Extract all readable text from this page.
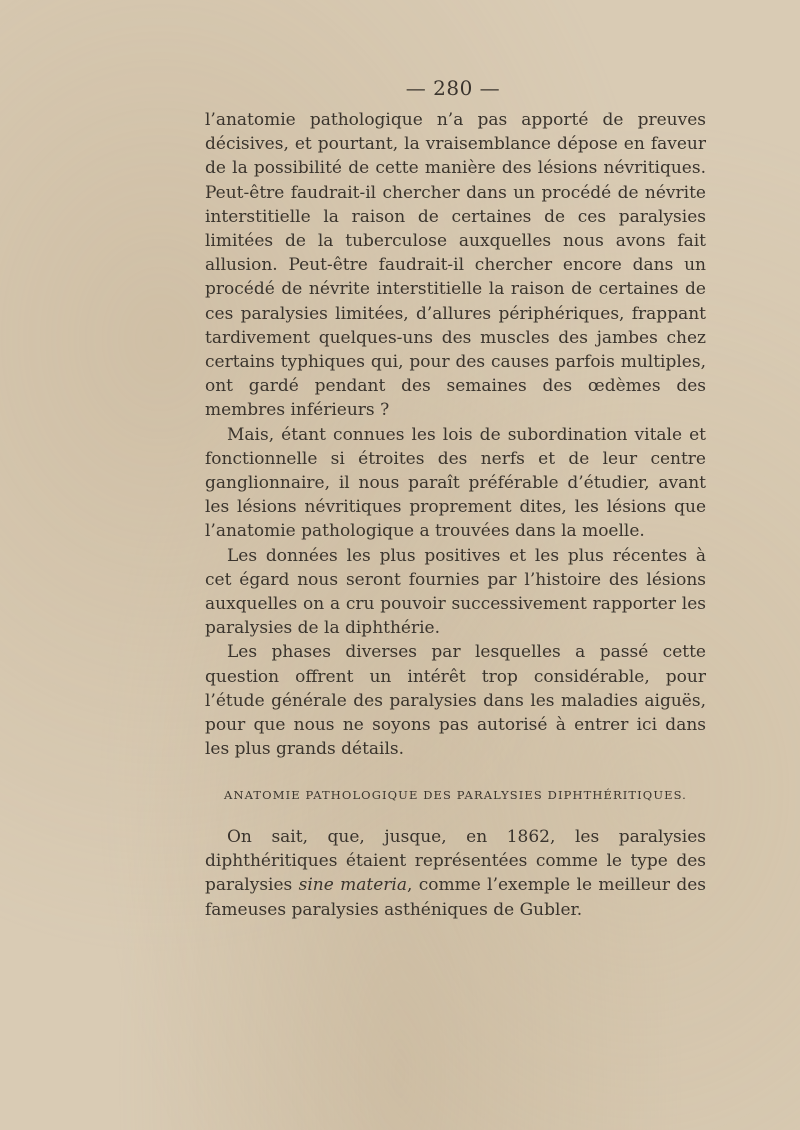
— 280 —

l’anatomie pathologique n’a pas apporté de preuves décisives, et pourtant, la vraisemblance dépose en faveur de la possibilité de cette manière des lésions névritiques. Peut-être faudrait-il chercher dans un procédé de névrite interstitielle la raison de certaines de ces paralysies limitées de la tuberculose auxquelles nous avons fait allusion. Peut-être faudrait-il chercher encore dans un procédé de névrite interstitielle la raison de certaines de ces paralysies limitées, d’allures périphériques, frappant tardivement quelques-uns des muscles des jambes chez certains typhiques qui, pour des causes parfois multiples, ont gardé pendant des semaines des œdèmes des membres inférieurs ?

Mais, étant connues les lois de subordination vitale et fonctionnelle si étroites des nerfs et de leur centre ganglionnaire, il nous paraît préférable d’étudier, avant les lésions névritiques proprement dites, les lésions que l’anatomie pathologique a trouvées dans la moelle.

Les données les plus positives et les plus récentes à cet égard nous seront fournies par l’histoire des lésions auxquelles on a cru pouvoir successivement rapporter les paralysies de la diphthérie.

Les phases diverses par lesquelles a passé cette question offrent un intérêt trop considérable, pour l’étude générale des paralysies dans les maladies aiguës, pour que nous ne soyons pas autorisé à entrer ici dans les plus grands détails.

ANATOMIE PATHOLOGIQUE DES PARALYSIES DIPHTHÉRITIQUES.

On sait, que, jusque, en 1862, les paralysies diphthéritiques étaient représentées comme le type des paralysies sine materia, comme l’exemple le meilleur des fameuses paralysies asthéniques de Gubler.
